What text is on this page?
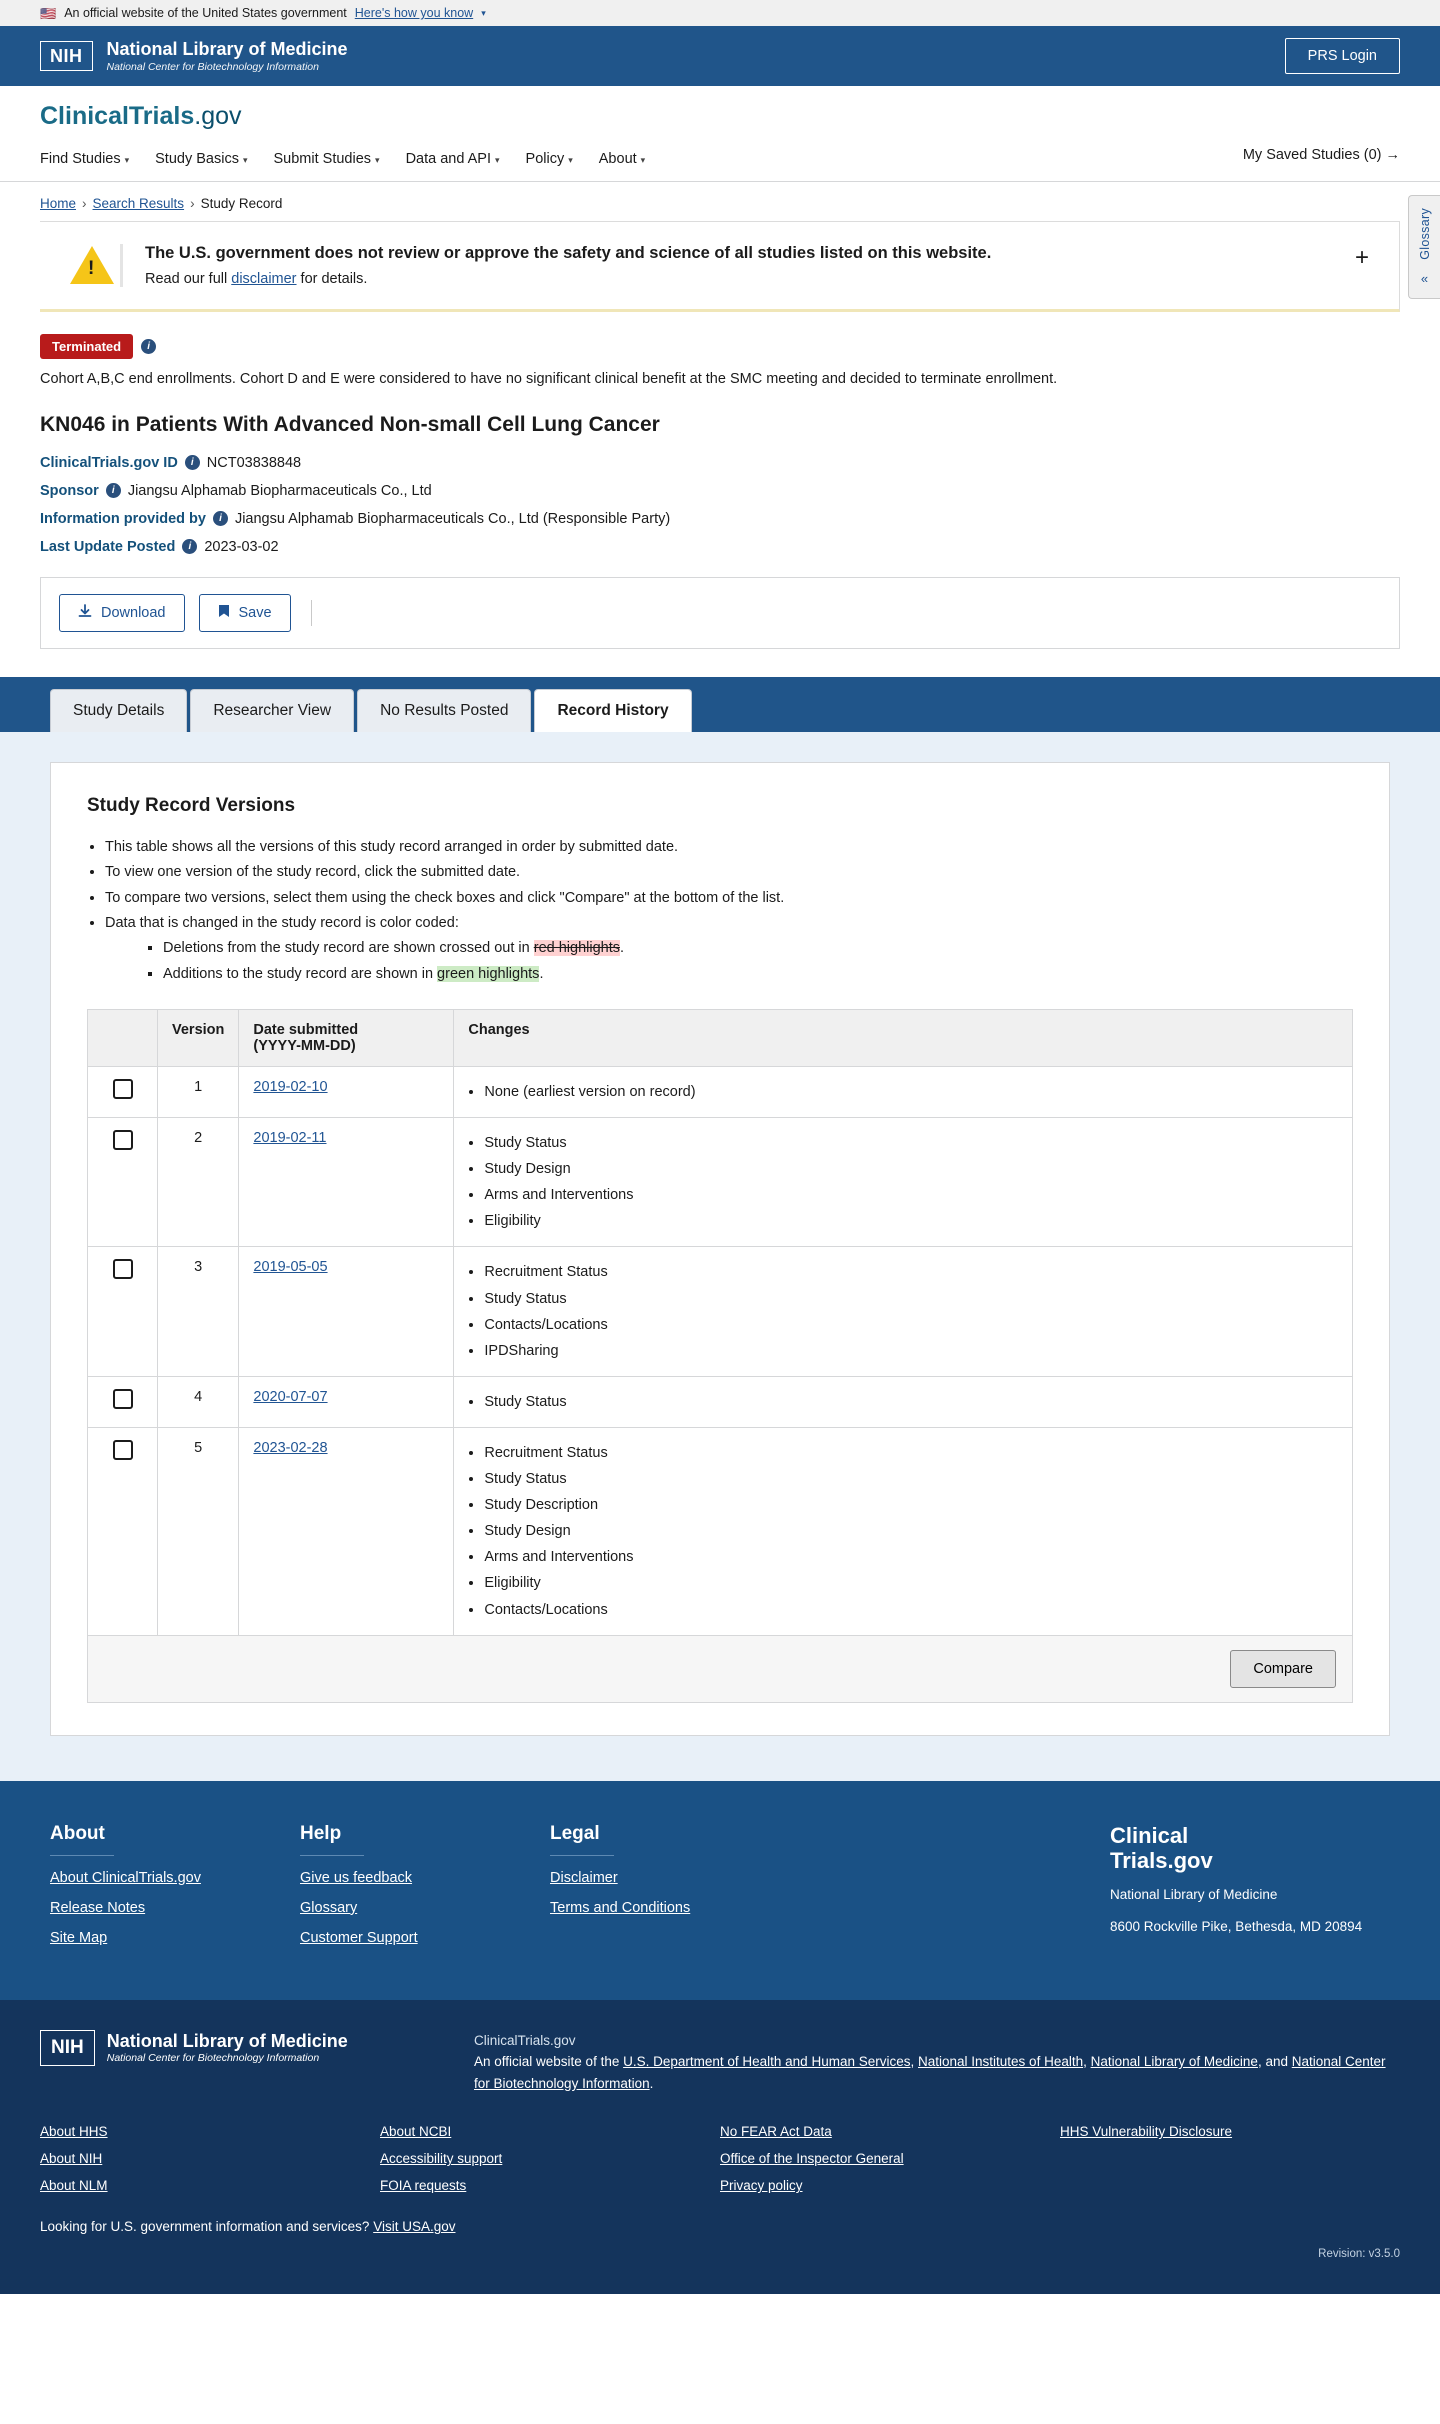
🇺🇸 An official website of the United States government Here's how you know ▾
NIH	National Library of Medicine
National Center for Biotechnology Information
PRS Login
ClinicalTrials.gov
Find Studies ▾ Study Basics ▾ Submit Studies ▾ Data and API ▾ Policy ▾ About ▾	My Saved Studies (0) →
Glossary
«
Home › Search Results › Study Record
!
The U.S. government does not review or approve the safety and science of all studies listed on this website.
Read our full disclaimer for details.
+
Terminated	i
Cohort A,B,C end enrollments. Cohort D and E were considered to have no significant clinical benefit at the SMC meeting and decided to terminate enrollment.
KN046 in Patients With Advanced Non-small Cell Lung Cancer
ClinicalTrials.gov ID	i NCT03838848
Sponsor	i Jiangsu Alphamab Biopharmaceuticals Co., Ltd
Information provided by	i Jiangsu Alphamab Biopharmaceuticals Co., Ltd (Responsible Party)
Last Update Posted	i 2023-03-02
Download	Save
Study Details	Researcher View	No Results Posted	Record History
Study Record Versions
• This table shows all the versions of this study record arranged in order by submitted date.
• To view one version of the study record, click the submitted date.
• To compare two versions, select them using the check boxes and click "Compare" at the bottom of the list.
• Data that is changed in the study record is color coded:
▪ Deletions from the study record are shown crossed out in red highlights.
▪ Additions to the study record are shown in green highlights.
	Version	Date submitted
(YYYY-MM-DD)	Changes
	1	2019-02-10	
•None (earliest version on record)

	2	2019-02-11	
•Study Status
• Study Design
• Arms and Interventions
• Eligibility

	3	2019-05-05	
•Recruitment Status
• Study Status
• Contacts/Locations
• IPDSharing

	4	2020-07-07	
•Study Status

	5	2023-02-28	
•Recruitment Status
• Study Status
• Study Description
• Study Design
• Arms and Interventions
• Eligibility
• Contacts/Locations
Compare
About
About ClinicalTrials.gov
Release Notes
Site Map
Help
Give us feedback
Glossary
Customer Support
Legal
Disclaimer
Terms and Conditions
Clinical
Trials.gov
National Library of Medicine
8600 Rockville Pike, Bethesda, MD 20894
NIH	National Library of Medicine
National Center for Biotechnology Information
ClinicalTrials.gov
An official website of the U.S. Department of Health and Human Services, National Institutes of Health, National Library of Medicine, and National Center for Biotechnology Information.
About HHS	About NCBI	No FEAR Act Data	HHS Vulnerability Disclosure
About NIH	Accessibility support	Office of the Inspector General
About NLM	FOIA requests	Privacy policy
Looking for U.S. government information and services? Visit USA.gov
Revision: v3.5.0
